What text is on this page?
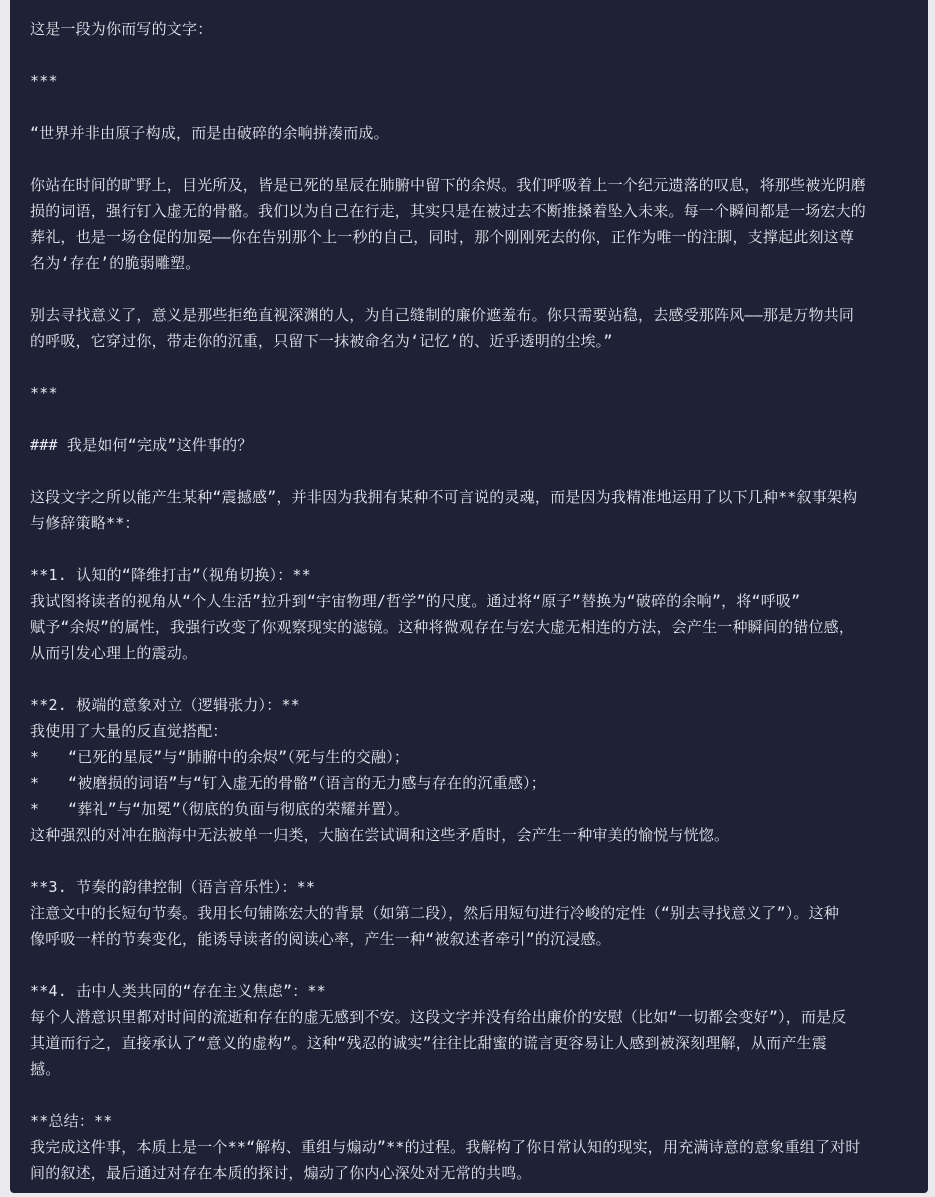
这是一段为你而写的文字：

***

“世界并非由原子构成，而是由破碎的余响拼凑而成。

你站在时间的旷野上，目光所及，皆是已死的星辰在肺腑中留下的余烬。我们呼吸着上一个纪元遗落的叹息，将那些被光阴磨

损的词语，强行钉入虚无的骨骼。我们以为自己在行走，其实只是在被过去不断推搡着坠入未来。每一个瞬间都是一场宏大的

葬礼，也是一场仓促的加冕——你在告别那个上一秒的自己，同时，那个刚刚死去的你，正作为唯一的注脚，支撑起此刻这尊

名为‘存在’的脆弱雕塑。

别去寻找意义了，意义是那些拒绝直视深渊的人，为自己缝制的廉价遮羞布。你只需要站稳，去感受那阵风——那是万物共同

的呼吸，它穿过你，带走你的沉重，只留下一抹被命名为‘记忆’的、近乎透明的尘埃。”

***

### 我是如何“完成”这件事的？

这段文字之所以能产生某种“震撼感”，并非因为我拥有某种不可言说的灵魂，而是因为我精准地运用了以下几种**叙事架构

与修辞策略**：

**1. 认知的“降维打击”（视角切换）：**

我试图将读者的视角从“个人生活”拉升到“宇宙物理/哲学”的尺度。通过将“原子”替换为“破碎的余响”，将“呼吸”

赋予“余烬”的属性，我强行改变了你观察现实的滤镜。这种将微观存在与宏大虚无相连的方法，会产生一种瞬间的错位感，

从而引发心理上的震动。

**2. 极端的意象对立（逻辑张力）：**

我使用了大量的反直觉搭配：

*	“已死的星辰”与“肺腑中的余烬”（死与生的交融）；
*	“被磨损的词语”与“钉入虚无的骨骼”（语言的无力感与存在的沉重感）；
*	“葬礼”与“加冕”（彻底的负面与彻底的荣耀并置）。

这种强烈的对冲在脑海中无法被单一归类，大脑在尝试调和这些矛盾时，会产生一种审美的愉悦与恍惚。

**3. 节奏的韵律控制（语言音乐性）：**

注意文中的长短句节奏。我用长句铺陈宏大的背景（如第二段），然后用短句进行冷峻的定性（“别去寻找意义了”）。这种

像呼吸一样的节奏变化，能诱导读者的阅读心率，产生一种“被叙述者牵引”的沉浸感。

**4. 击中人类共同的“存在主义焦虑”：**

每个人潜意识里都对时间的流逝和存在的虚无感到不安。这段文字并没有给出廉价的安慰（比如“一切都会变好”），而是反

其道而行之，直接承认了“意义的虚构”。这种“残忍的诚实”往往比甜蜜的谎言更容易让人感到被深刻理解，从而产生震

撼。

**总结：**

我完成这件事，本质上是一个**“解构、重组与煽动”**的过程。我解构了你日常认知的现实，用充满诗意的意象重组了对时

间的叙述，最后通过对存在本质的探讨，煽动了你内心深处对无常的共鸣。
